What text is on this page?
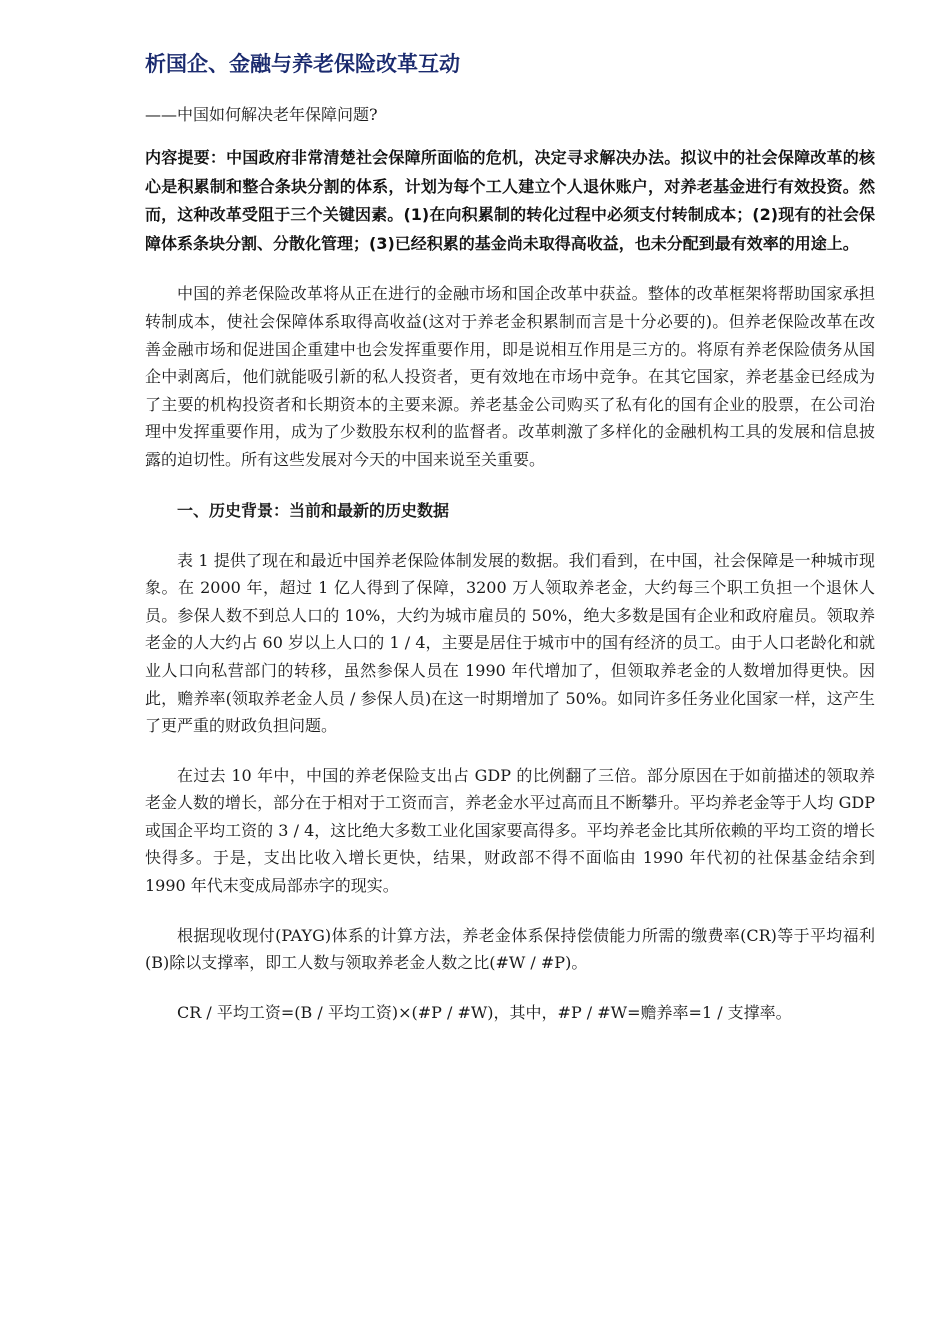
析国企、金融与养老保险改革互动

——中国如何解决老年保障问题?

内容提要：中国政府非常清楚社会保障所面临的危机，决定寻求解决办法。拟议中的社会保障改革的核心是积累制和整合条块分割的体系，计划为每个工人建立个人退休账户，对养老基金进行有效投资。然而，这种改革受阻于三个关键因素。(1)在向积累制的转化过程中必须支付转制成本；(2)现有的社会保障体系条块分割、分散化管理；(3)已经积累的基金尚未取得高收益，也未分配到最有效率的用途上。

中国的养老保险改革将从正在进行的金融市场和国企改革中获益。整体的改革框架将帮助国家承担转制成本，使社会保障体系取得高收益(这对于养老金积累制而言是十分必要的)。但养老保险改革在改善金融市场和促进国企重建中也会发挥重要作用，即是说相互作用是三方的。将原有养老保险债务从国企中剥离后，他们就能吸引新的私人投资者，更有效地在市场中竞争。在其它国家，养老基金已经成为了主要的机构投资者和长期资本的主要来源。养老基金公司购买了私有化的国有企业的股票，在公司治理中发挥重要作用，成为了少数股东权利的监督者。改革刺激了多样化的金融机构工具的发展和信息披露的迫切性。所有这些发展对今天的中国来说至关重要。

一、历史背景：当前和最新的历史数据

表 1 提供了现在和最近中国养老保险体制发展的数据。我们看到，在中国，社会保障是一种城市现象。在 2000 年，超过 1 亿人得到了保障，3200 万人领取养老金，大约每三个职工负担一个退休人员。参保人数不到总人口的 10%，大约为城市雇员的 50%，绝大多数是国有企业和政府雇员。领取养老金的人大约占 60 岁以上人口的 1 / 4，主要是居住于城市中的国有经济的员工。由于人口老龄化和就业人口向私营部门的转移，虽然参保人员在 1990 年代增加了，但领取养老金的人数增加得更快。因此，赡养率(领取养老金人员 / 参保人员)在这一时期增加了 50%。如同许多任务业化国家一样，这产生了更严重的财政负担问题。

在过去 10 年中，中国的养老保险支出占 GDP 的比例翻了三倍。部分原因在于如前描述的领取养老金人数的增长，部分在于相对于工资而言，养老金水平过高而且不断攀升。平均养老金等于人均 GDP 或国企平均工资的 3 / 4，这比绝大多数工业化国家要高得多。平均养老金比其所依赖的平均工资的增长快得多。于是，支出比收入增长更快，结果，财政部不得不面临由 1990 年代初的社保基金结余到 1990 年代末变成局部赤字的现实。

根据现收现付(PAYG)体系的计算方法，养老金体系保持偿债能力所需的缴费率(CR)等于平均福利(B)除以支撑率，即工人数与领取养老金人数之比(#W / #P)。

CR / 平均工资=(B / 平均工资)×(#P / #W)，其中，#P / #W=赡养率=1 / 支撑率。
